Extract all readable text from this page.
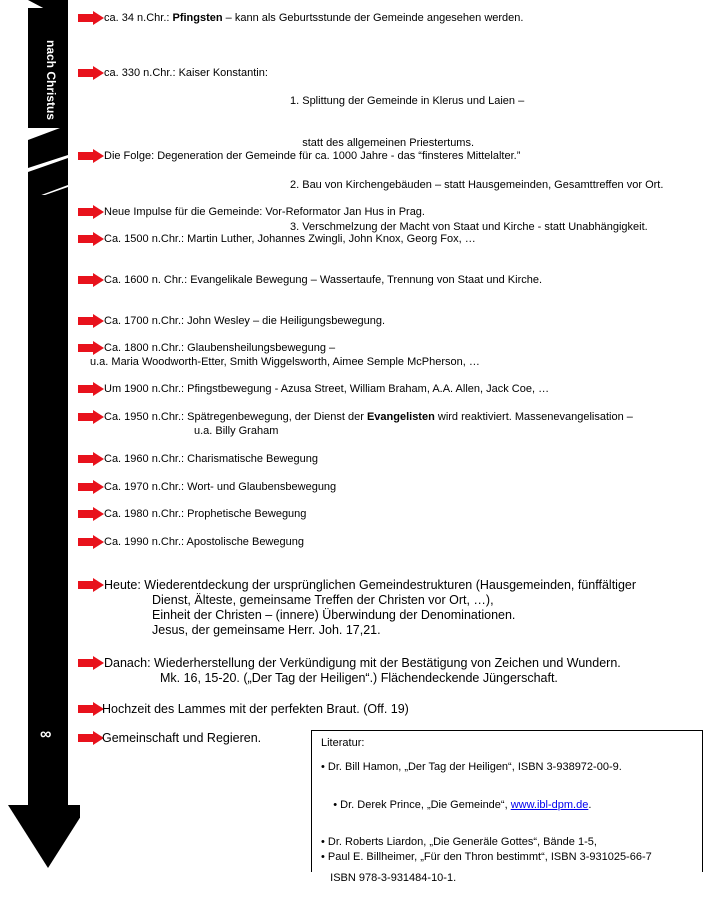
nach Christus
∞

ca. 34 n.Chr.: Pfingsten – kann als Geburtsstunde der Gemeinde angesehen werden.

ca. 330 n.Chr.: Kaiser Konstantin:

1. Splittung der Gemeinde in Klerus und Laien –

statt des allgemeinen Priestertums.

2. Bau von Kirchengebäuden – statt Hausgemeinden, Gesamttreffen vor Ort.

3. Verschmelzung der Macht von Staat und Kirche - statt Unabhängigkeit.

Die Folge: Degeneration der Gemeinde für ca. 1000 Jahre - das “finsteres Mittelalter.”

Neue Impulse für die Gemeinde: Vor-Reformator Jan Hus in Prag.

Ca. 1500 n.Chr.: Martin Luther, Johannes Zwingli, John Knox, Georg Fox, …

Ca. 1600 n. Chr.: Evangelikale Bewegung – Wassertaufe, Trennung von Staat und Kirche.

Ca. 1700 n.Chr.: John Wesley – die Heiligungsbewegung.

Ca. 1800 n.Chr.: Glaubensheilungsbewegung –

u.a. Maria Woodworth-Etter, Smith Wiggelsworth, Aimee Semple McPherson, …

Um 1900 n.Chr.: Pfingstbewegung - Azusa Street, William Braham, A.A. Allen, Jack Coe, …

Ca. 1950 n.Chr.: Spätregenbewegung, der Dienst der Evangelisten wird reaktiviert. Massenevangelisation –

u.a. Billy Graham

Ca. 1960 n.Chr.: Charismatische Bewegung

Ca. 1970 n.Chr.: Wort- und Glaubensbewegung

Ca. 1980 n.Chr.: Prophetische Bewegung

Ca. 1990 n.Chr.: Apostolische Bewegung

Heute: Wiederentdeckung der ursprünglichen Gemeindestrukturen (Hausgemeinden, fünffältiger

Dienst, Älteste, gemeinsame Treffen der Christen vor Ort, …),

Einheit der Christen – (innere) Überwindung der Denominationen.

Jesus, der gemeinsame Herr. Joh. 17,21.

Danach: Wiederherstellung der Verkündigung mit der Bestätigung von Zeichen und Wundern.

Mk. 16, 15-20. („Der Tag der Heiligen“.) Flächendeckende Jüngerschaft.

Hochzeit des Lammes mit der perfekten Braut. (Off. 19)

Gemeinschaft und Regieren.	Literatur:
• Dr. Bill Hamon, „Der Tag der Heiligen“, ISBN 3-938972-00-9.

• Dr. Derek Prince, „Die Gemeinde“, www.ibl-dpm.de.

• Dr. Roberts Liardon, „Die Generäle Gottes“, Bände 1-5,

ISBN 978-3-931484-10-1.

• Paul E. Billheimer, „Für den Thron bestimmt“, ISBN 3-931025-66-7
